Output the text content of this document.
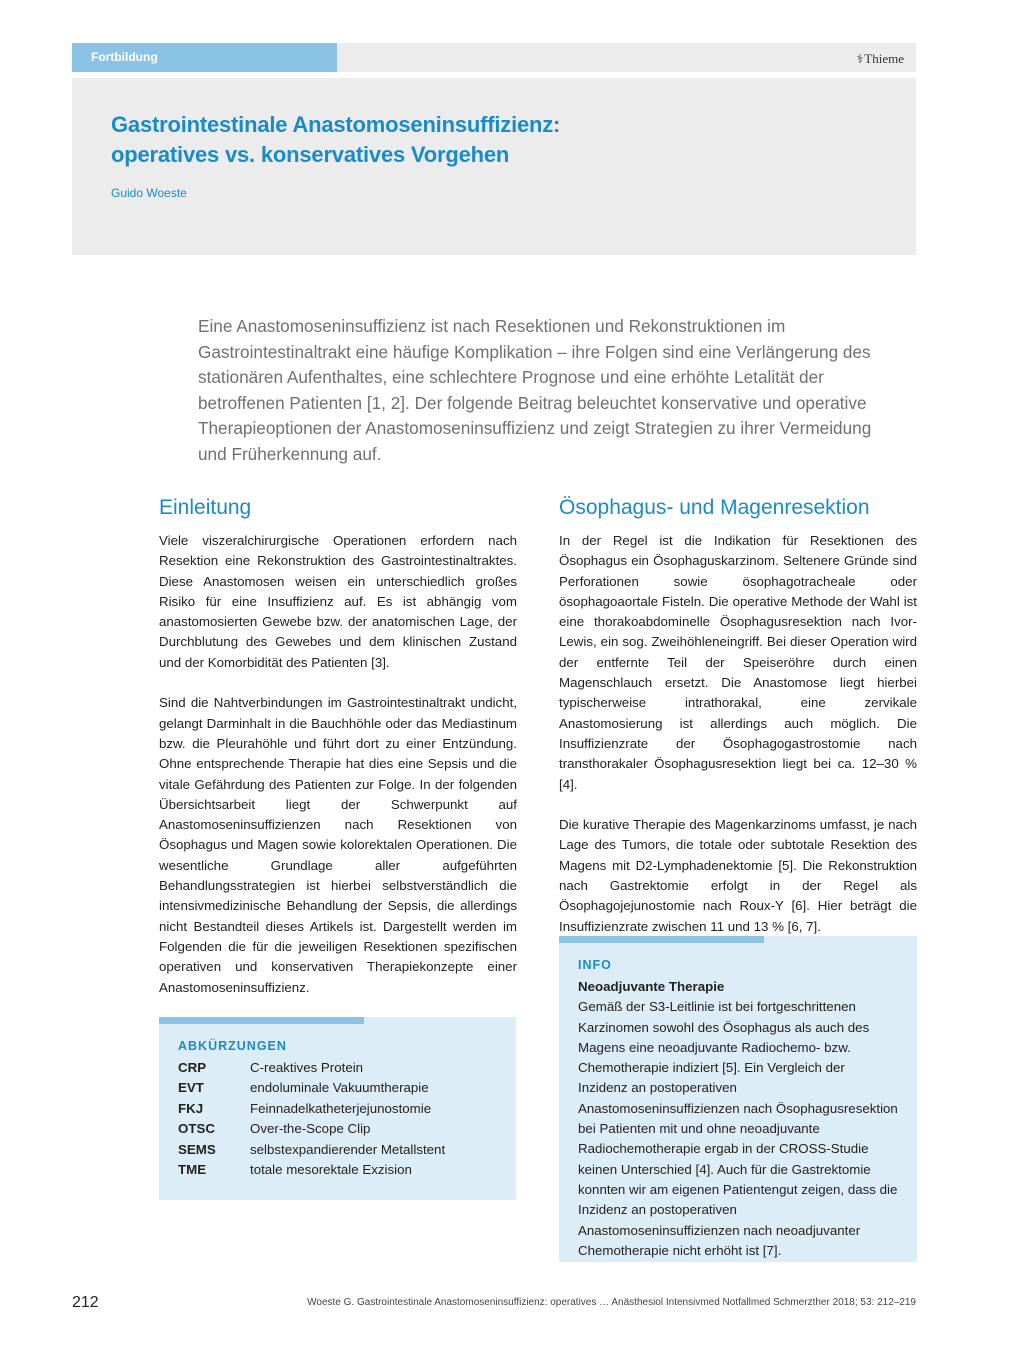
Fortbildung	⚕Thieme
Gastrointestinale Anastomoseninsuffizienz:
operatives vs. konservatives Vorgehen
Guido Woeste

Eine Anastomoseninsuffizienz ist nach Resektionen und Rekonstruktionen im Gastrointestinaltrakt eine häufige Komplikation – ihre Folgen sind eine Verlängerung des stationären Aufenthaltes, eine schlechtere Prognose und eine erhöhte Letalität der betroffenen Patienten [1, 2]. Der folgende Beitrag beleuchtet konservative und operative Therapieoptionen der Anastomoseninsuffizienz und zeigt Strategien zu ihrer Vermeidung und Früherkennung auf.

Einleitung

Viele viszeralchirurgische Operationen erfordern nach Resektion eine Rekonstruktion des Gastrointestinaltraktes. Diese Anastomosen weisen ein unterschiedlich großes Risiko für eine Insuffizienz auf. Es ist abhängig vom anastomosierten Gewebe bzw. der anatomischen Lage, der Durchblutung des Gewebes und dem klinischen Zustand und der Komorbidität des Patienten [3].

Sind die Nahtverbindungen im Gastrointestinaltrakt undicht, gelangt Darminhalt in die Bauchhöhle oder das Mediastinum bzw. die Pleurahöhle und führt dort zu einer Entzündung. Ohne entsprechende Therapie hat dies eine Sepsis und die vitale Gefährdung des Patienten zur Folge. In der folgenden Übersichtsarbeit liegt der Schwerpunkt auf Anastomoseninsuffizienzen nach Resektionen von Ösophagus und Magen sowie kolorektalen Operationen. Die wesentliche Grundlage aller aufgeführten Behandlungsstrategien ist hierbei selbstverständlich die intensivmedizinische Behandlung der Sepsis, die allerdings nicht Bestandteil dieses Artikels ist. Dargestellt werden im Folgenden die für die jeweiligen Resektionen spezifischen operativen und konservativen Therapiekonzepte einer Anastomoseninsuffizienz.

ABKÜRZUNGEN
CRP	C-reaktives Protein
EVT	endoluminale Vakuumtherapie
FKJ	Feinnadelkatheterjejunostomie
OTSC	Over-the-Scope Clip
SEMS	selbstexpandierender Metallstent
TME	totale mesorektale Exzision
Ösophagus- und Magenresektion

In der Regel ist die Indikation für Resektionen des Ösophagus ein Ösophaguskarzinom. Seltenere Gründe sind Perforationen sowie ösophagotracheale oder ösophagoaortale Fisteln. Die operative Methode der Wahl ist eine thorakoabdominelle Ösophagusresektion nach Ivor-Lewis, ein sog. Zweihöhleneingriff. Bei dieser Operation wird der entfernte Teil der Speiseröhre durch einen Magenschlauch ersetzt. Die Anastomose liegt hierbei typischerweise intrathorakal, eine zervikale Anastomosierung ist allerdings auch möglich. Die Insuffizienzrate der Ösophagogastrostomie nach transthorakaler Ösophagusresektion liegt bei ca. 12–30 % [4].

Die kurative Therapie des Magenkarzinoms umfasst, je nach Lage des Tumors, die totale oder subtotale Resektion des Magens mit D2-Lymphadenektomie [5]. Die Rekonstruktion nach Gastrektomie erfolgt in der Regel als Ösophagojejunostomie nach Roux-Y [6]. Hier beträgt die Insuffizienzrate zwischen 11 und 13 % [6, 7].

INFO

Neoadjuvante Therapie

Gemäß der S3-Leitlinie ist bei fortgeschrittenen Karzinomen sowohl des Ösophagus als auch des Magens eine neoadjuvante Radiochemo- bzw. Chemotherapie indiziert [5]. Ein Vergleich der Inzidenz an postoperativen Anastomoseninsuffizienzen nach Ösophagusresektion bei Patienten mit und ohne neoadjuvante Radiochemotherapie ergab in der CROSS-Studie keinen Unterschied [4]. Auch für die Gastrektomie konnten wir am eigenen Patientengut zeigen, dass die Inzidenz an postoperativen Anastomoseninsuffizienzen nach neoadjuvanter Chemotherapie nicht erhöht ist [7].

212	Woeste G. Gastrointestinale Anastomoseninsuffizienz: operatives … Anästhesiol Intensivmed Notfallmed Schmerzther 2018; 53: 212–219
